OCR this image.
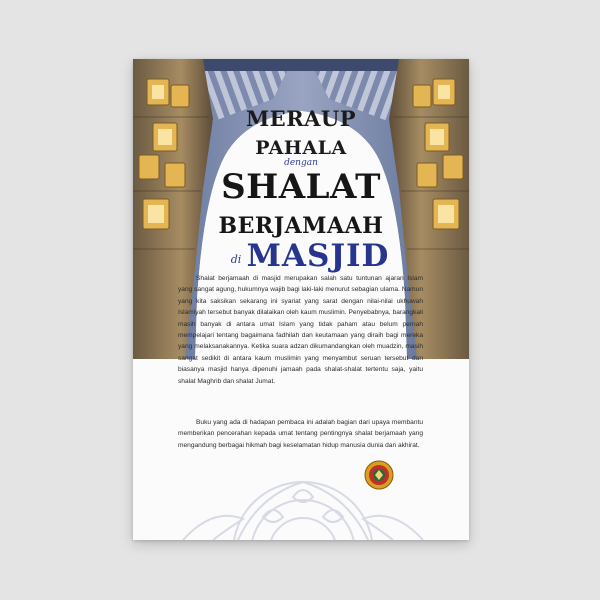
MERAUP
PAHALA
dengan
SHALAT
BERJAMAAH
di MASJID

Shalat berjamaah di masjid merupakan salah satu tuntunan ajaran Islam yang sangat agung, hukumnya wajib bagi laki-laki menurut sebagian ulama. Namun yang kita saksikan sekarang ini syariat yang sarat dengan nilai-nilai ukhuwah Islamiyah tersebut banyak dilalaikan oleh kaum muslimin. Penyebabnya, barangkali masih banyak di antara umat Islam yang tidak paham atau belum pernah mempelajari tentang bagaimana fadhilah dan keutamaan yang diraih bagi mereka yang melaksanakannya. Ketika suara adzan dikumandangkan oleh muadzin, masih sangat sedikit di antara kaum muslimin yang menyambut seruan tersebut dan biasanya masjid hanya dipenuhi jamaah pada shalat-shalat tertentu saja, yaitu shalat Maghrib dan shalat Jumat.

Buku yang ada di hadapan pembaca ini adalah bagian dari upaya membantu memberikan pencerahan kepada umat tentang pentingnya shalat berjamaah yang mengandung berbagai hikmah bagi keselamatan hidup manusia dunia dan akhirat.
